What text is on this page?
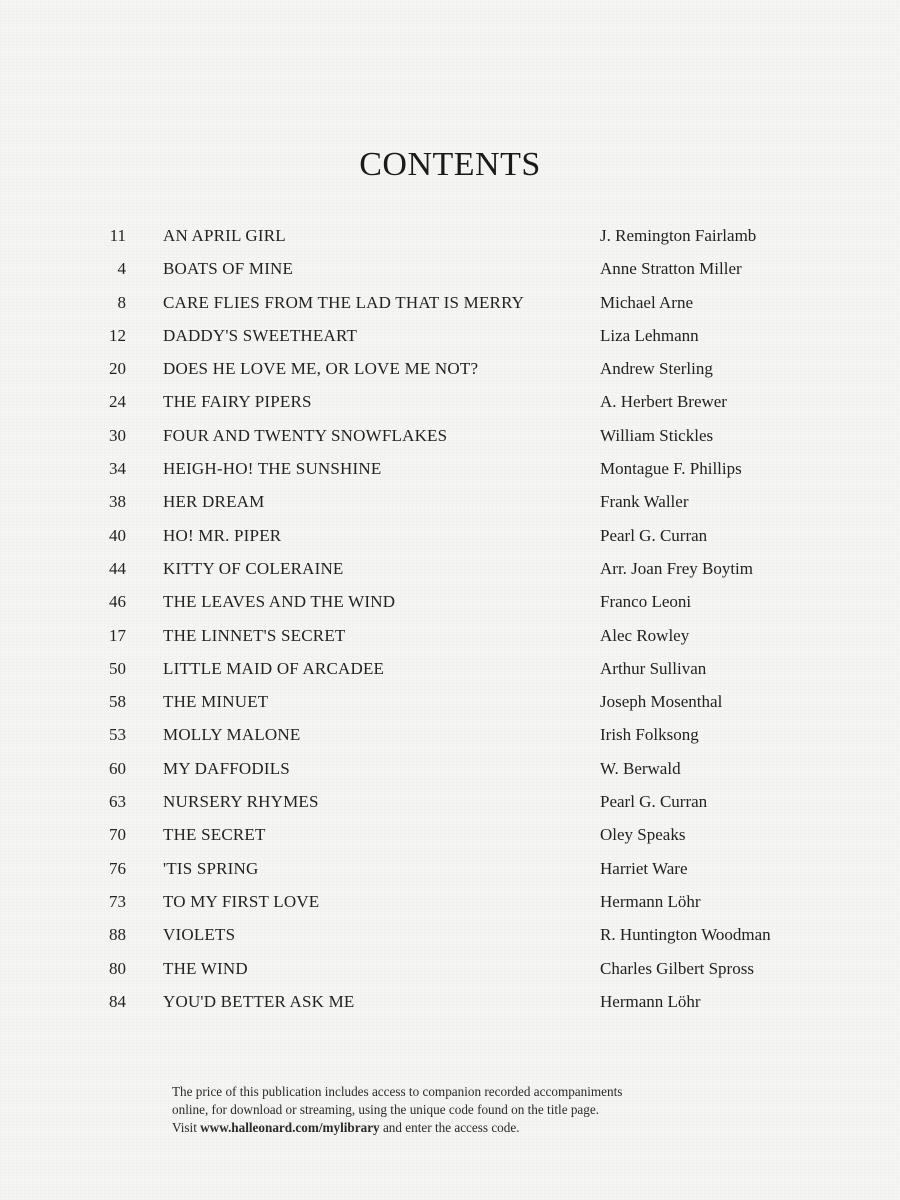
CONTENTS
11 AN APRIL GIRL	J. Remington Fairlamb
4 BOATS OF MINE	Anne Stratton Miller
8 CARE FLIES FROM THE LAD THAT IS MERRY	Michael Arne
12 DADDY'S SWEETHEART	Liza Lehmann
20 DOES HE LOVE ME, OR LOVE ME NOT?	Andrew Sterling
24 THE FAIRY PIPERS	A. Herbert Brewer
30 FOUR AND TWENTY SNOWFLAKES	William Stickles
34 HEIGH-HO! THE SUNSHINE	Montague F. Phillips
38 HER DREAM	Frank Waller
40 HO! MR. PIPER	Pearl G. Curran
44 KITTY OF COLERAINE	Arr. Joan Frey Boytim
46 THE LEAVES AND THE WIND	Franco Leoni
17 THE LINNET'S SECRET	Alec Rowley
50 LITTLE MAID OF ARCADEE	Arthur Sullivan
58 THE MINUET	Joseph Mosenthal
53 MOLLY MALONE	Irish Folksong
60 MY DAFFODILS	W. Berwald
63 NURSERY RHYMES	Pearl G. Curran
70 THE SECRET	Oley Speaks
76 'TIS SPRING	Harriet Ware
73 TO MY FIRST LOVE	Hermann Löhr
88 VIOLETS	R. Huntington Woodman
80 THE WIND	Charles Gilbert Spross
84 YOU'D BETTER ASK ME	Hermann Löhr

The price of this publication includes access to companion recorded accompaniments

online, for download or streaming, using the unique code found on the title page.

Visit www.halleonard.com/mylibrary and enter the access code.
